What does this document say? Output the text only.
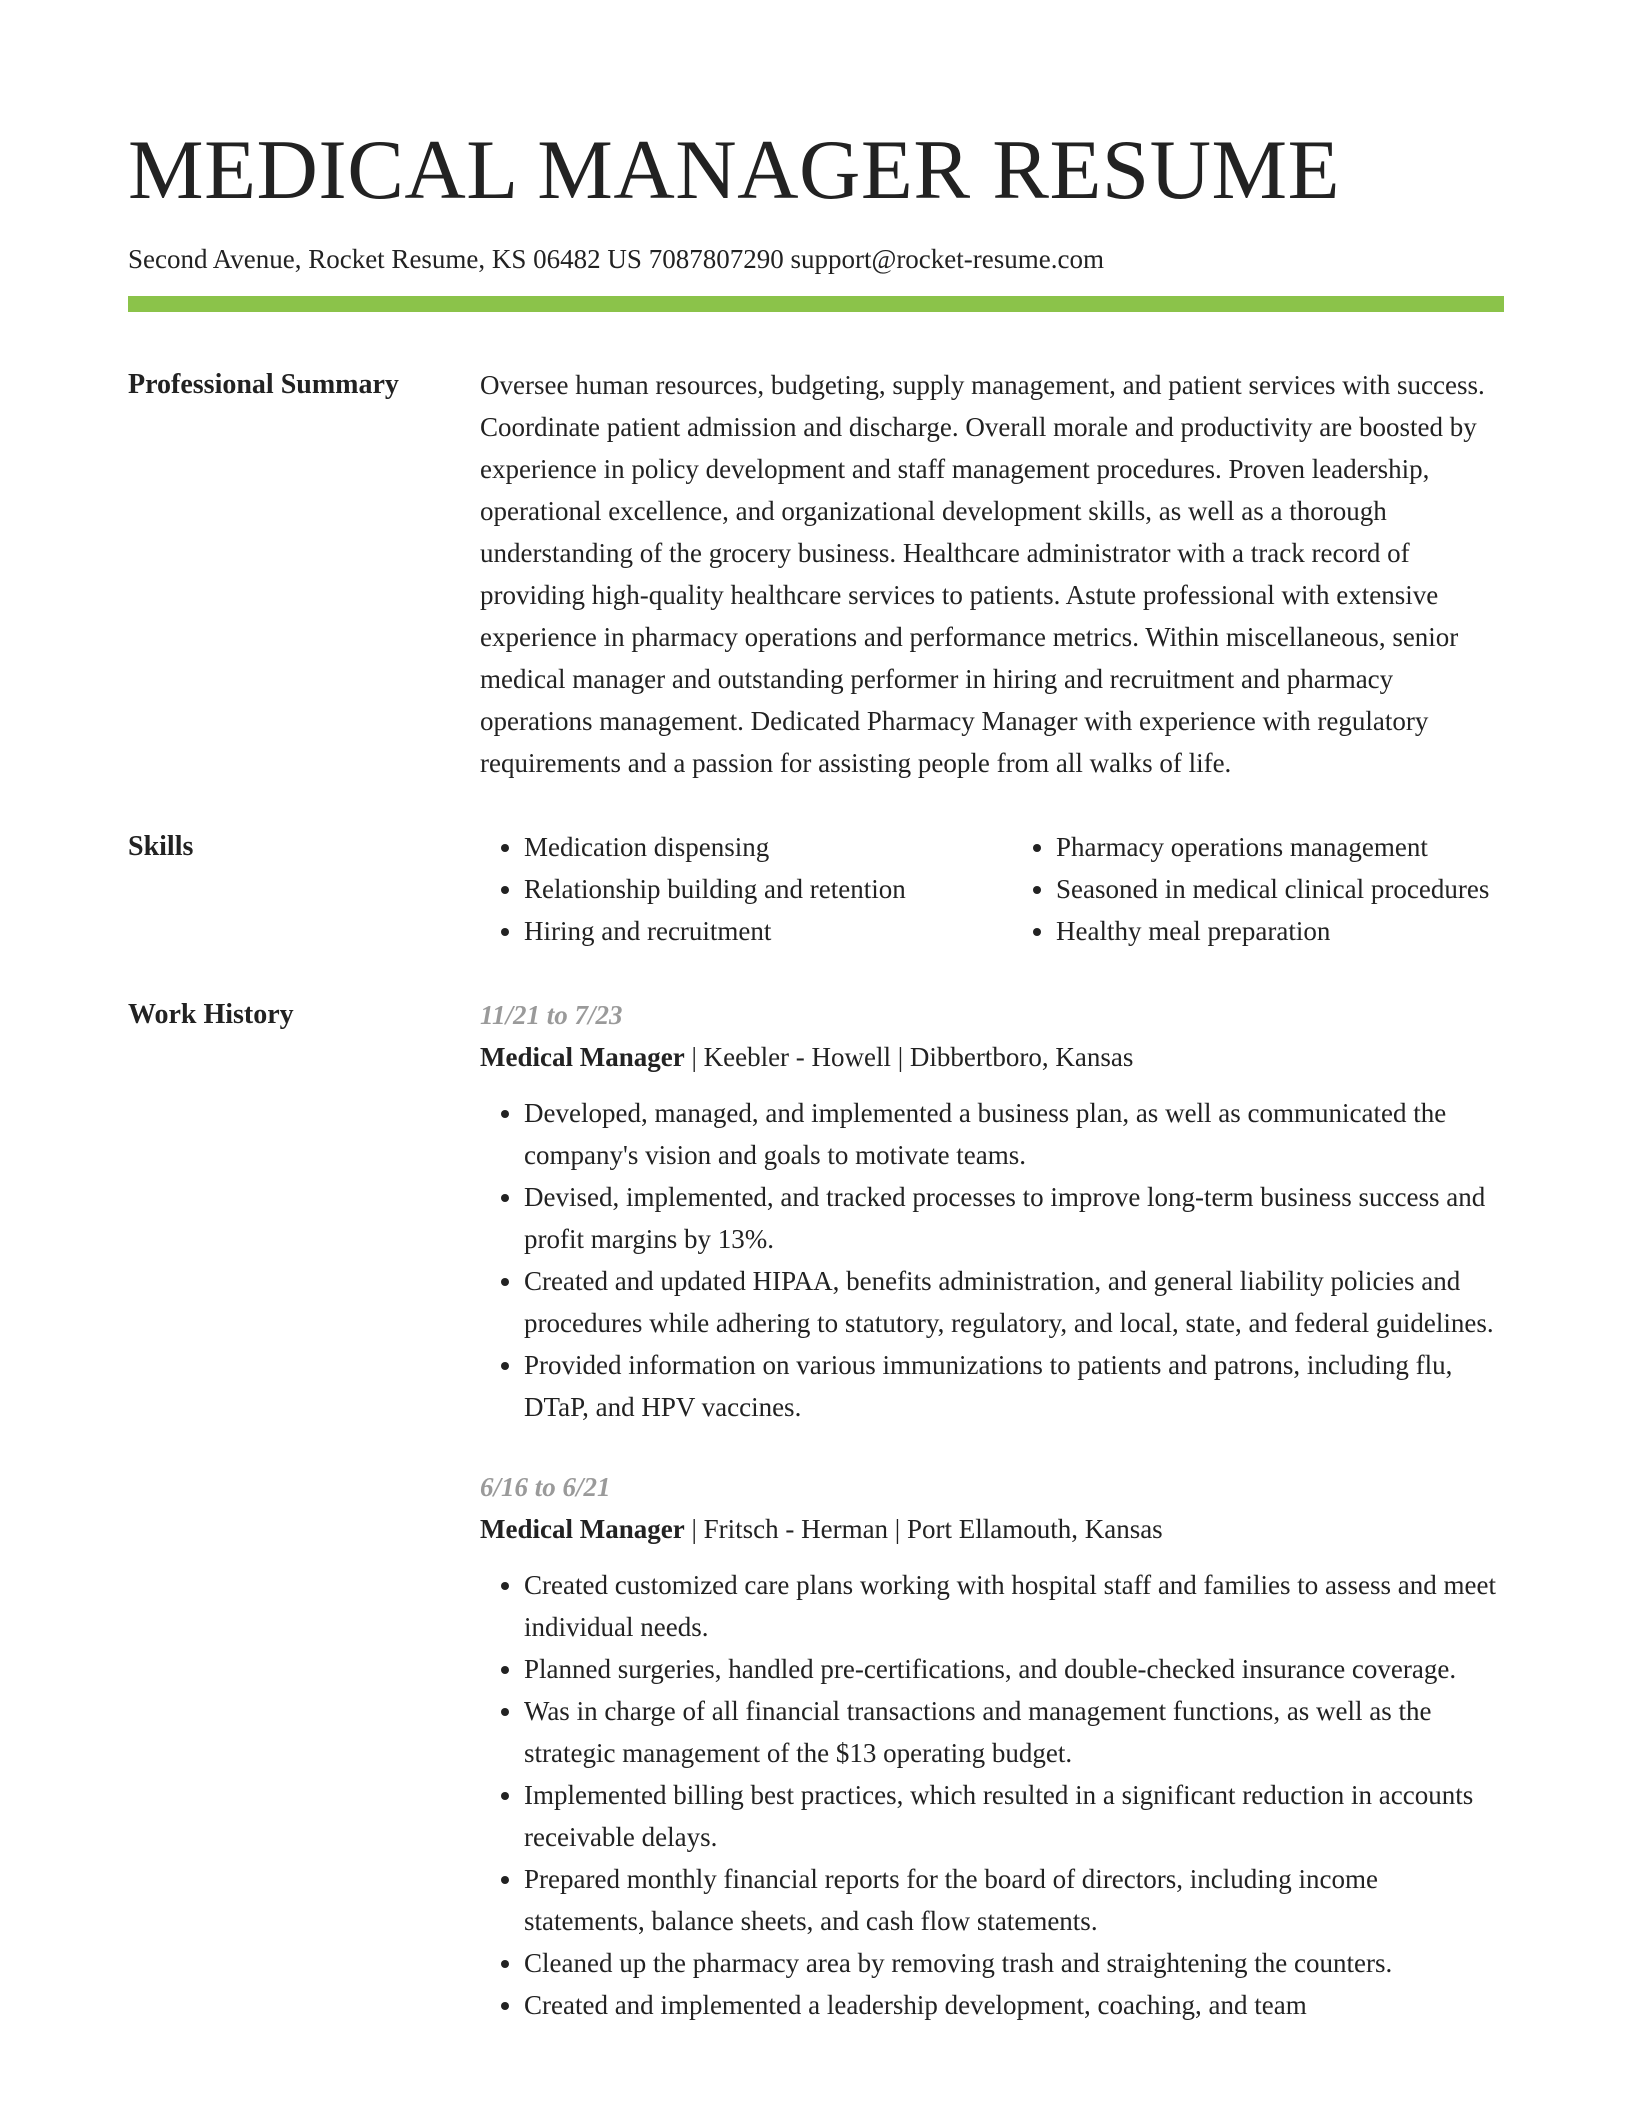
MEDICAL MANAGER RESUME
Second Avenue, Rocket Resume, KS 06482 US 7087807290 support@rocket-resume.com
Professional Summary	Oversee human resources, budgeting, supply management, and patient services with success. Coordinate patient admission and discharge. Overall morale and productivity are boosted by experience in policy development and staff management procedures. Proven leadership, operational excellence, and organizational development skills, as well as a thorough understanding of the grocery business. Healthcare administrator with a track record of providing high-quality healthcare services to patients. Astute professional with extensive experience in pharmacy operations and performance metrics. Within miscellaneous, senior medical manager and outstanding performer in hiring and recruitment and pharmacy operations management. Dedicated Pharmacy Manager with experience with regulatory requirements and a passion for assisting people from all walks of life.

Skills
•	Medication dispensing
• Relationship building and retention
• Hiring and recruitment
• Pharmacy operations management
• Seasoned in medical clinical procedures
• Healthy meal preparation
Work History	11/21 to 7/23
Medical Manager | Keebler - Howell | Dibbertboro, Kansas
• Developed, managed, and implemented a business plan, as well as communicated the company's vision and goals to motivate teams.
• Devised, implemented, and tracked processes to improve long-term business success and profit margins by 13%.
• Created and updated HIPAA, benefits administration, and general liability policies and procedures while adhering to statutory, regulatory, and local, state, and federal guidelines.
• Provided information on various immunizations to patients and patrons, including flu, DTaP, and HPV vaccines.
6/16 to 6/21
Medical Manager | Fritsch - Herman | Port Ellamouth, Kansas
• Created customized care plans working with hospital staff and families to assess and meet individual needs.
• Planned surgeries, handled pre-certifications, and double-checked insurance coverage.
• Was in charge of all financial transactions and management functions, as well as the strategic management of the $13 operating budget.
• Implemented billing best practices, which resulted in a significant reduction in accounts receivable delays.
• Prepared monthly financial reports for the board of directors, including income statements, balance sheets, and cash flow statements.
• Cleaned up the pharmacy area by removing trash and straightening the counters.
• Created and implemented a leadership development, coaching, and team
